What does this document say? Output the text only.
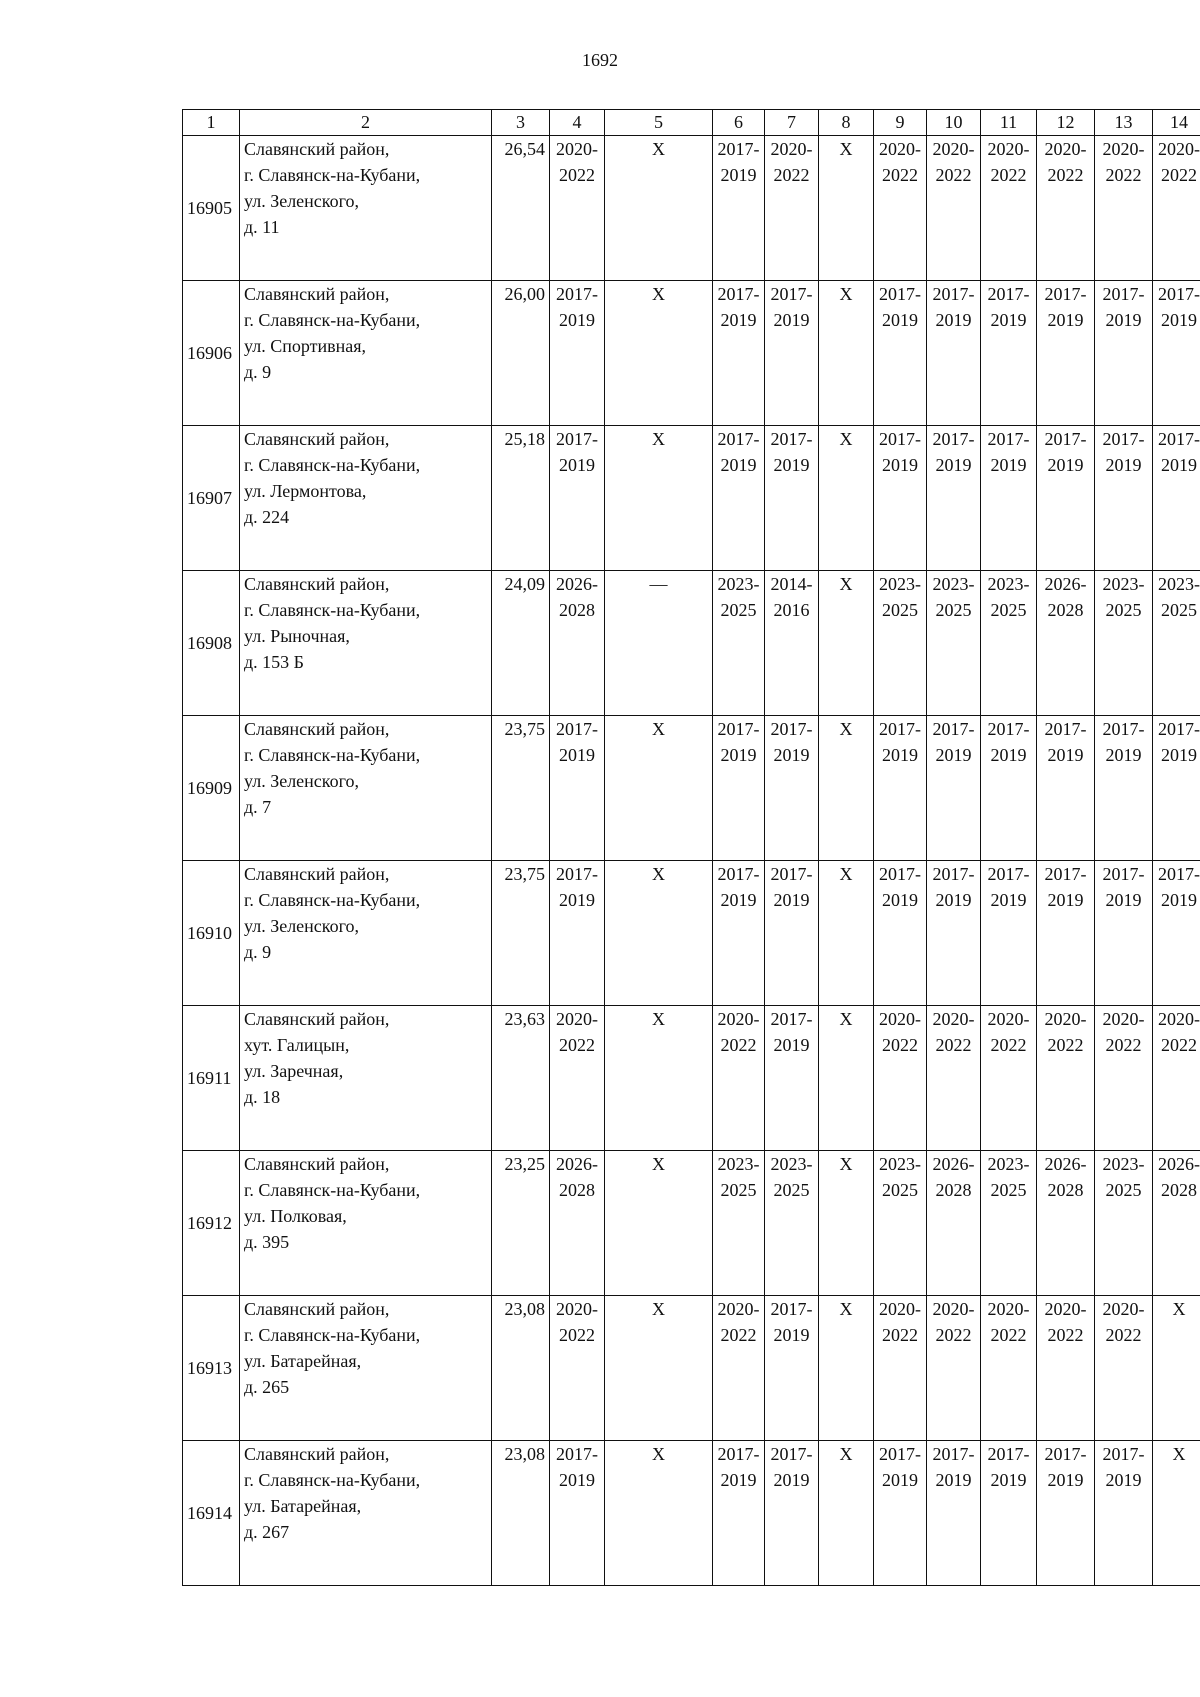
1692
1	2	3	4	5	6	7	8	9	10	11	12	13	14
16905	Славянский район,
г. Славянск-на-Кубани,
ул. Зеленского,
д. 11	26,54	2020-
2022	X	2017-
2019	2020-
2022	X	2020-
2022	2020-
2022	2020-
2022	2020-
2022	2020-
2022	2020-
2022

16906	Славянский район,
г. Славянск-на-Кубани,
ул. Спортивная,
д. 9	26,00	2017-
2019	X	2017-
2019	2017-
2019	X	2017-
2019	2017-
2019	2017-
2019	2017-
2019	2017-
2019	2017-
2019

16907	Славянский район,
г. Славянск-на-Кубани,
ул. Лермонтова,
д. 224	25,18	2017-
2019	X	2017-
2019	2017-
2019	X	2017-
2019	2017-
2019	2017-
2019	2017-
2019	2017-
2019	2017-
2019

16908	Славянский район,
г. Славянск-на-Кубани,
ул. Рыночная,
д. 153 Б	24,09	2026-
2028	—	2023-
2025	2014-
2016	X	2023-
2025	2023-
2025	2023-
2025	2026-
2028	2023-
2025	2023-
2025

16909	Славянский район,
г. Славянск-на-Кубани,
ул. Зеленского,
д. 7	23,75	2017-
2019	X	2017-
2019	2017-
2019	X	2017-
2019	2017-
2019	2017-
2019	2017-
2019	2017-
2019	2017-
2019

16910	Славянский район,
г. Славянск-на-Кубани,
ул. Зеленского,
д. 9	23,75	2017-
2019	X	2017-
2019	2017-
2019	X	2017-
2019	2017-
2019	2017-
2019	2017-
2019	2017-
2019	2017-
2019

16911	Славянский район,
хут. Галицын,
ул. Заречная,
д. 18	23,63	2020-
2022	X	2020-
2022	2017-
2019	X	2020-
2022	2020-
2022	2020-
2022	2020-
2022	2020-
2022	2020-
2022

16912	Славянский район,
г. Славянск-на-Кубани,
ул. Полковая,
д. 395	23,25	2026-
2028	X	2023-
2025	2023-
2025	X	2023-
2025	2026-
2028	2023-
2025	2026-
2028	2023-
2025	2026-
2028

16913	Славянский район,
г. Славянск-на-Кубани,
ул. Батарейная,
д. 265	23,08	2020-
2022	X	2020-
2022	2017-
2019	X	2020-
2022	2020-
2022	2020-
2022	2020-
2022	2020-
2022	X

16914	Славянский район,
г. Славянск-на-Кубани,
ул. Батарейная,
д. 267	23,08	2017-
2019	X	2017-
2019	2017-
2019	X	2017-
2019	2017-
2019	2017-
2019	2017-
2019	2017-
2019	X
